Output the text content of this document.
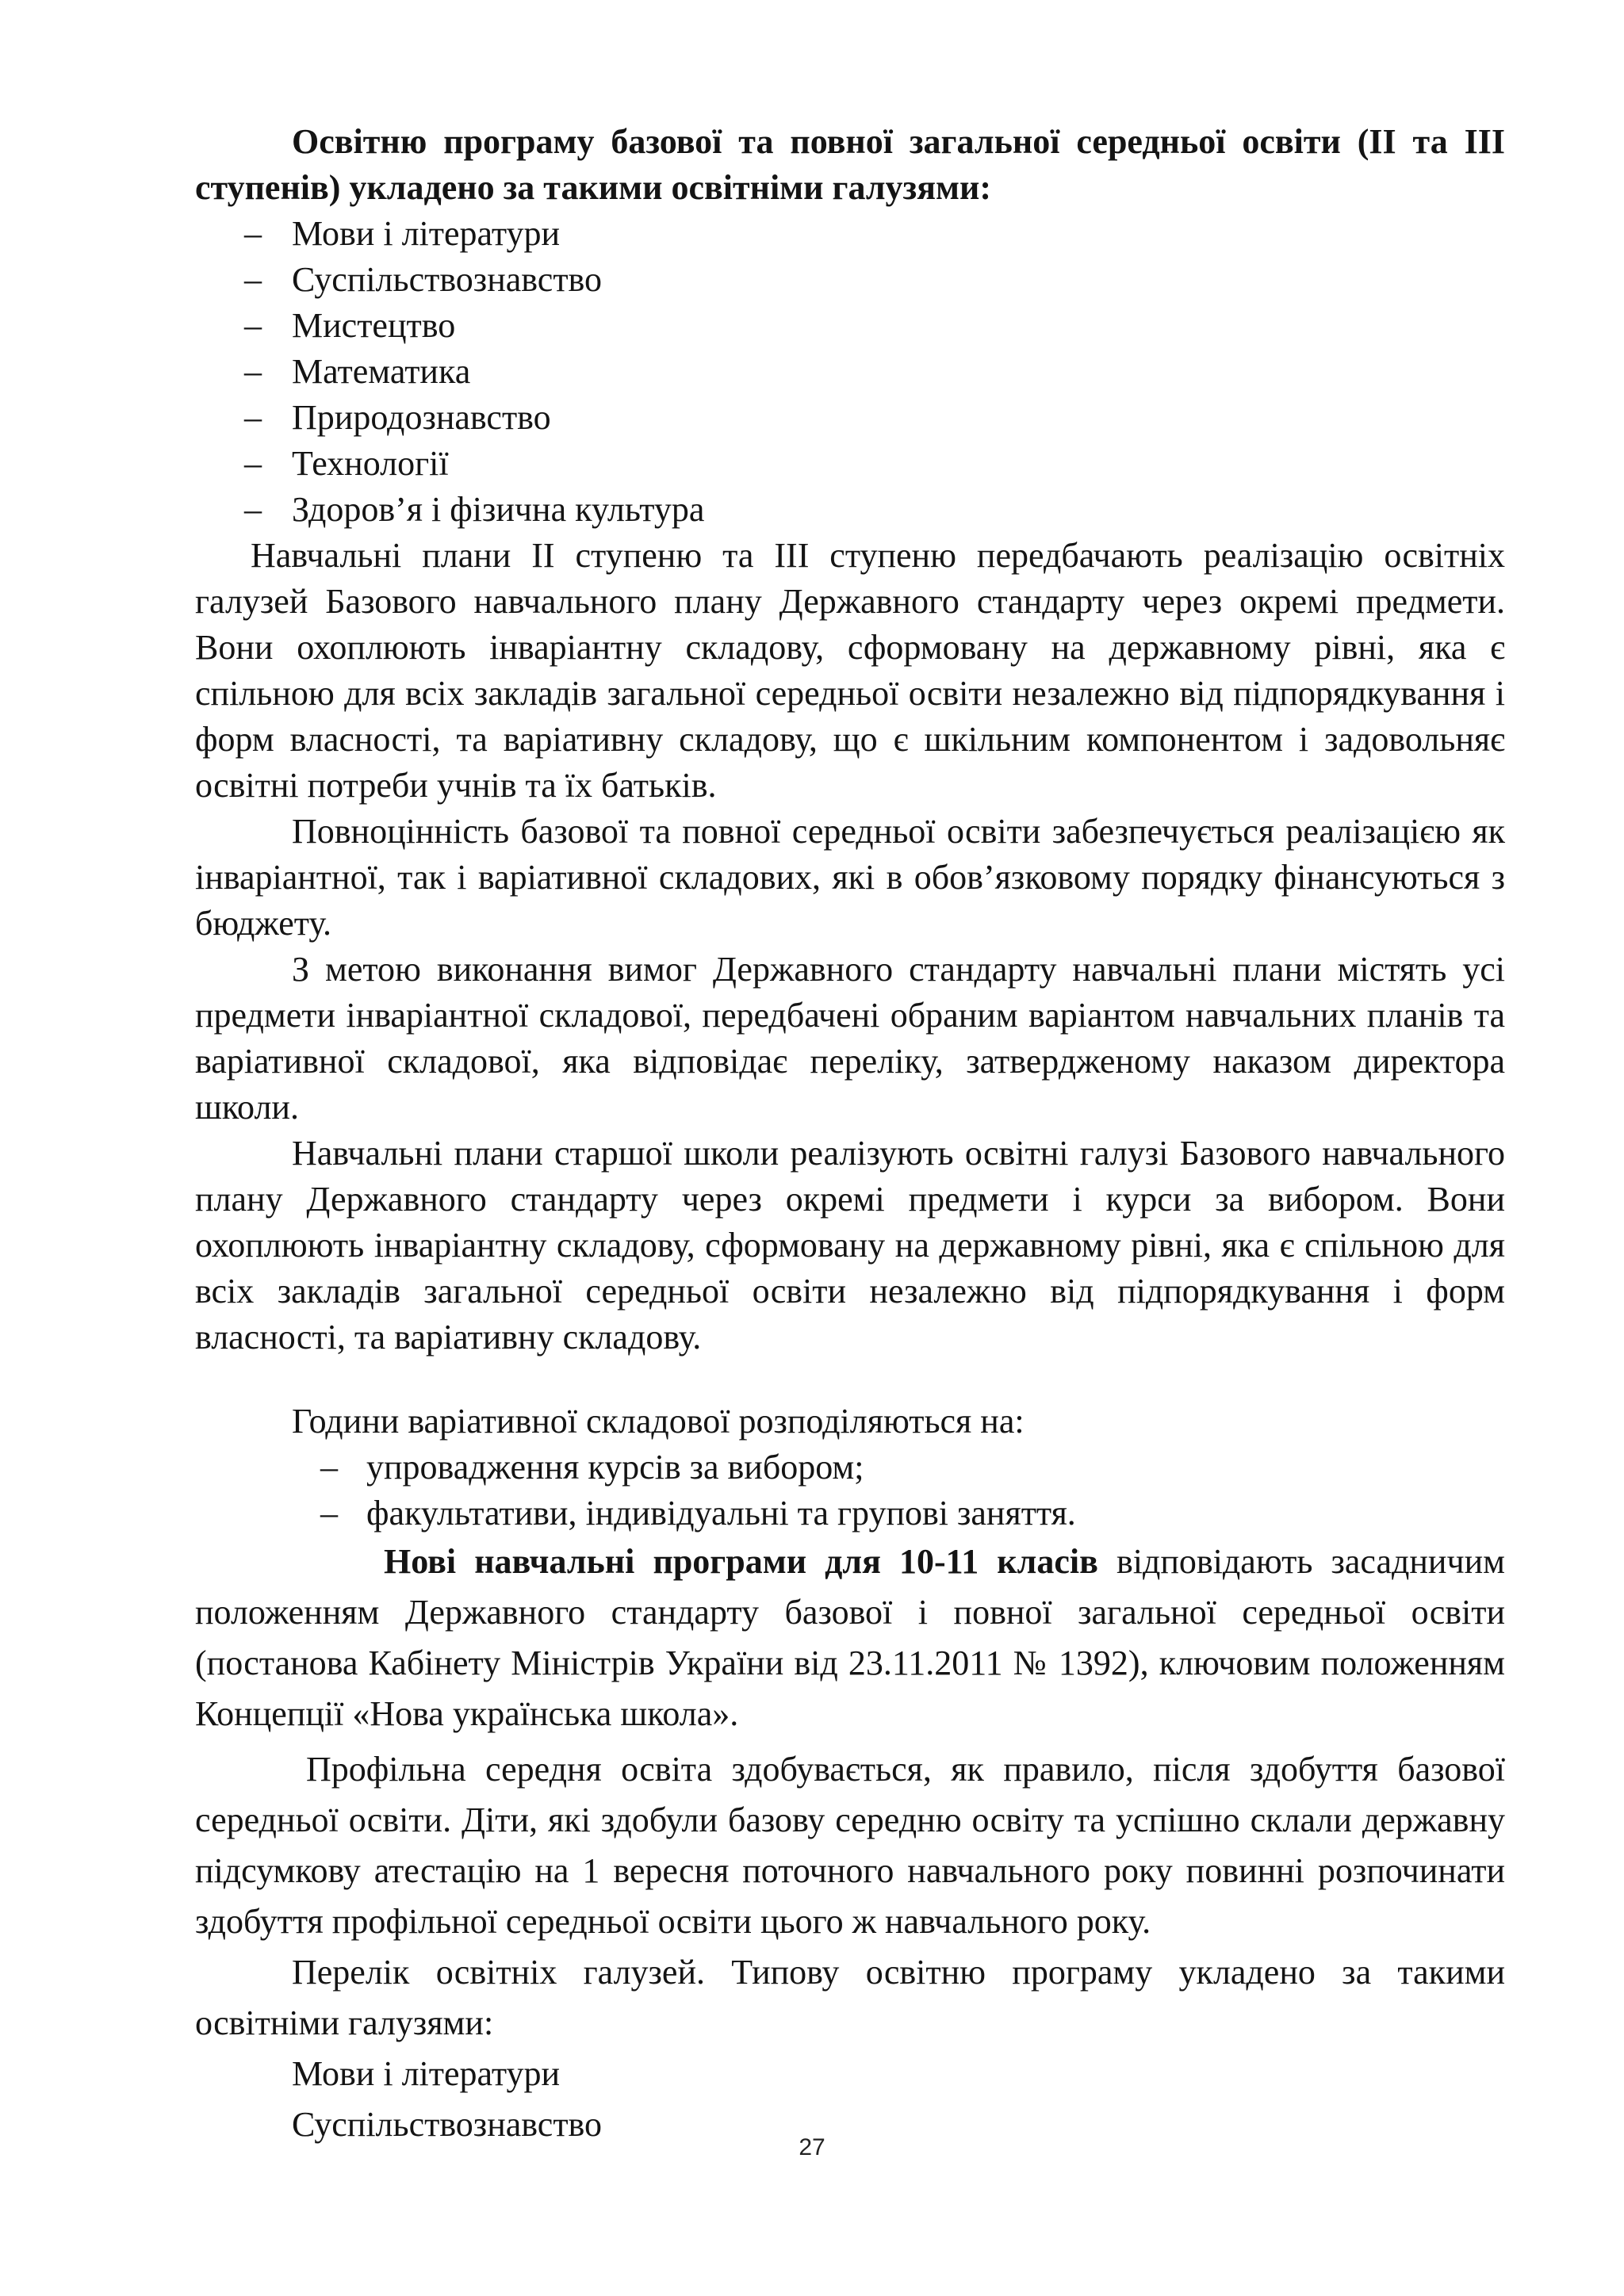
Освітню програму базової та повної загальної середньої освіти (ІІ та ІІІ ступенів) укладено за такими освітніми галузями:

– Мови і літератури
– Суспільствознавство
– Мистецтво
– Математика
– Природознавство
– Технології
– Здоров’я і фізична культура

Навчальні плани ІІ ступеню та ІІІ ступеню передбачають реалізацію освітніх галузей Базового навчального плану Державного стандарту через окремі предмети. Вони охоплюють інваріантну складову, сформовану на державному рівні, яка є спільною для всіх закладів загальної середньої освіти незалежно від підпорядкування і форм власності, та варіативну складову, що є шкільним компонентом і задовольняє освітні потреби учнів та їх батьків.

Повноцінність базової та повної середньої освіти забезпечується реалізацією як інваріантної, так і варіативної складових, які в обов’язковому порядку фінансуються з бюджету.

З метою виконання вимог Державного стандарту навчальні плани містять усі предмети інваріантної складової, передбачені обраним варіантом навчальних планів та варіативної складової, яка відповідає переліку, затвердженому наказом директора школи.

Навчальні плани старшої школи реалізують освітні галузі Базового навчального плану Державного стандарту через окремі предмети і курси за вибором. Вони охоплюють інваріантну складову, сформовану на державному рівні, яка є спільною для всіх закладів загальної середньої освіти незалежно від підпорядкування і форм власності, та варіативну складову.

Години варіативної складової розподіляються на:

– упровадження курсів за вибором;
– факультативи, індивідуальні та групові заняття.

Нові навчальні програми для 10-11 класів відповідають засадничим положенням Державного стандарту базової і повної загальної середньої освіти (постанова Кабінету Міністрів України від 23.11.2011 № 1392), ключовим положенням Концепції «Нова українська школа».

Профільна середня освіта здобувається, як правило, після здобуття базової середньої освіти. Діти, які здобули базову середню освіту та успішно склали державну підсумкову атестацію на 1 вересня поточного навчального року повинні розпочинати здобуття профільної середньої освіти цього ж навчального року.

Перелік освітніх галузей. Типову освітню програму укладено за такими освітніми галузями:

Мови і літератури
Суспільствознавство
27
